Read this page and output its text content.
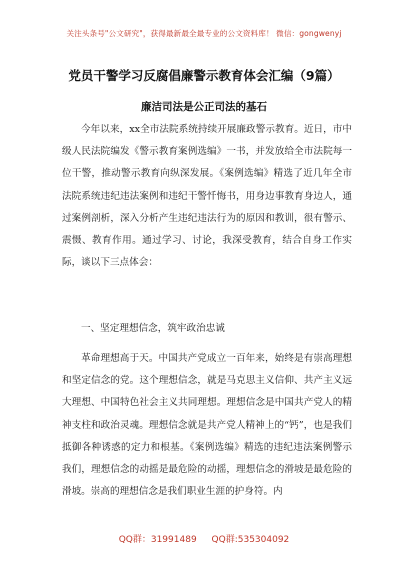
关注头条号"公文研究"，获得最新最全最专业的公文资料库！ 微信：gongwenyj
党员干警学习反腐倡廉警示教育体会汇编（9篇）
廉洁司法是公正司法的基石

今年以来，xx全市法院系统持续开展廉政警示教育。近日，市中级人民法院编发《警示教育案例选编》一书，并发放给全市法院每一位干警，推动警示教育向纵深发展。《案例选编》精选了近几年全市法院系统违纪违法案例和违纪干警忏悔书，用身边事教育身边人，通过案例剖析，深入分析产生违纪违法行为的原因和教训，很有警示、震慑、教育作用。通过学习、讨论，我深受教育，结合自身工作实际，谈以下三点体会：

一、坚定理想信念，筑牢政治忠诚

革命理想高于天。中国共产党成立一百年来，始终是有崇高理想和坚定信念的党。这个理想信念，就是马克思主义信仰、共产主义远大理想、中国特色社会主义共同理想。理想信念是中国共产党人的精神支柱和政治灵魂。理想信念就是共产党人精神上的“钙”，也是我们抵御各种诱惑的定力和根基。《案例选编》精选的违纪违法案例警示我们，理想信念的动摇是最危险的动摇，理想信念的滑坡是最危险的滑坡。崇高的理想信念是我们职业生涯的护身符。内

QQ群：31991489 QQ群:535304092
